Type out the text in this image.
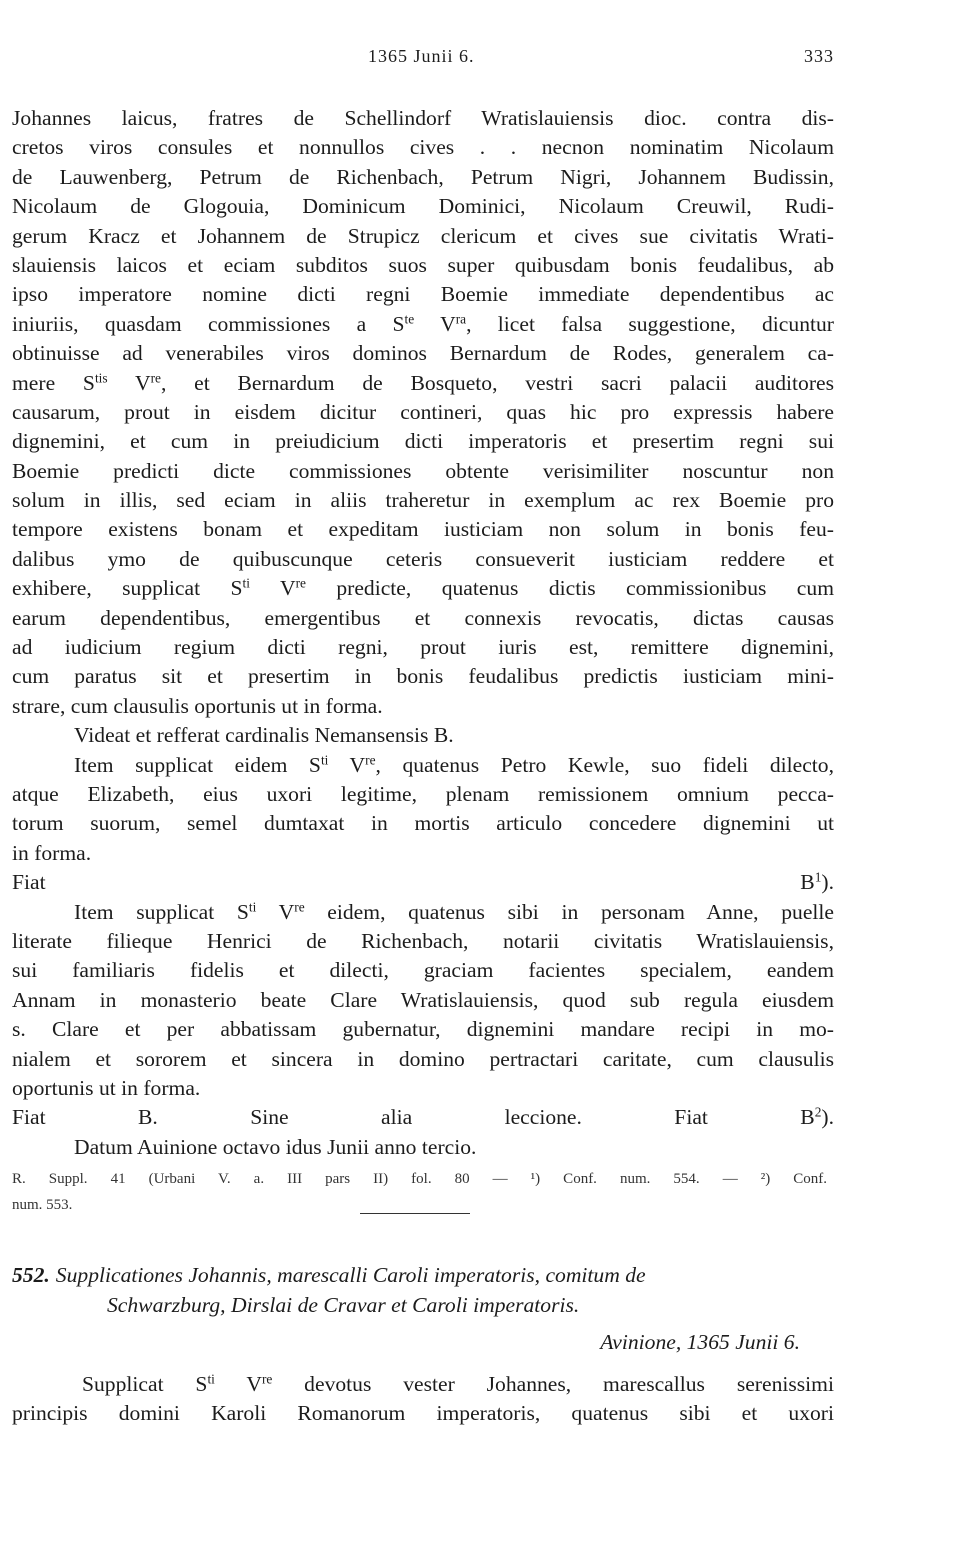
1365 Junii 6.	333
Johannes laicus, fratres de Schellindorf Wratislauiensis dioc. contra dis-
cretos viros consules et nonnullos cives . . necnon nominatim Nicolaum
de Lauwenberg, Petrum de Richenbach, Petrum Nigri, Johannem Budissin,
Nicolaum de Glogouia, Dominicum Dominici, Nicolaum Creuwil, Rudi-
gerum Kracz et Johannem de Strupicz clericum et cives sue civitatis Wrati-
slauiensis laicos et eciam subditos suos super quibusdam bonis feudalibus, ab
ipso imperatore nomine dicti regni Boemie immediate dependentibus ac
iniuriis, quasdam commissiones a $S^{te}$ $V^{ra}$, licet falsa suggestione, dicuntur
obtinuisse ad venerabiles viros dominos Bernardum de Rodes, generalem ca-
mere $S^{tis}$ Vre, et Bernardum de Bosqueto, vestri sacri palacii auditores
causarum, prout in eisdem dicitur contineri, quas hic pro expressis habere
dignemini, et cum in preiudicium dicti imperatoris et presertim regni sui
Boemie predicti dicte commissiones obtente verisimiliter noscuntur non
solum in illis, sed eciam in aliis traheretur in exemplum ac rex Boemie pro
tempore existens bonam et expeditam iusticiam non solum in bonis feu-
dalibus ymo de quibuscunque ceteris consueverit iusticiam reddere et
exhibere, supplicat $S^{ti}$ Vre predicte, quatenus dictis commissionibus cum
earum dependentibus, emergentibus et connexis revocatis, dictas causas
ad iudicium regium dicti regni, prout iuris est, remittere dignemini,
cum paratus sit et presertim in bonis feudalibus predictis iusticiam mini-
strare, cum clausulis oportunis ut in forma.
Videat et refferat cardinalis Nemansensis B.
Item supplicat eidem $S^{ti}$ Vre, quatenus Petro Kewle, suo fideli dilecto,
atque Elizabeth, eius uxori legitime, plenam remissionem omnium pecca-
torum suorum, semel dumtaxat in mortis articulo concedere dignemini ut
in forma.
Fiat $B^1$).
Item supplicat $S^{ti}$ Vre eidem, quatenus sibi in personam Anne, puelle
literate filieque Henrici de Richenbach, notarii civitatis Wratislauiensis,
sui familiaris fidelis et dilecti, graciam facientes specialem, eandem
Annam in monasterio beate Clare Wratislauiensis, quod sub regula eiusdem
s. Clare et per abbatissam gubernatur, dignemini mandare recipi in mo-
nialem et sororem et sincera in domino pertractari caritate, cum clausulis
oportunis ut in forma.
Fiat B. Sine alia leccione. Fiat $B^2$).
Datum Auinione octavo idus Junii anno tercio.
R. Suppl. 41 (Urbani V. a. III pars II) fol. 80 — ¹) Conf. num. 554. — ²) Conf.
num. 553.
552. Supplicationes Johannis, marescalli Caroli imperatoris, comitum de
Schwarzburg, Dirslai de Cravar et Caroli imperatoris.
Avinione, 1365 Junii 6.
Supplicat $S^{ti}$ Vre devotus vester Johannes, marescallus serenissimi
principis domini Karoli Romanorum imperatoris, quatenus sibi et uxori
